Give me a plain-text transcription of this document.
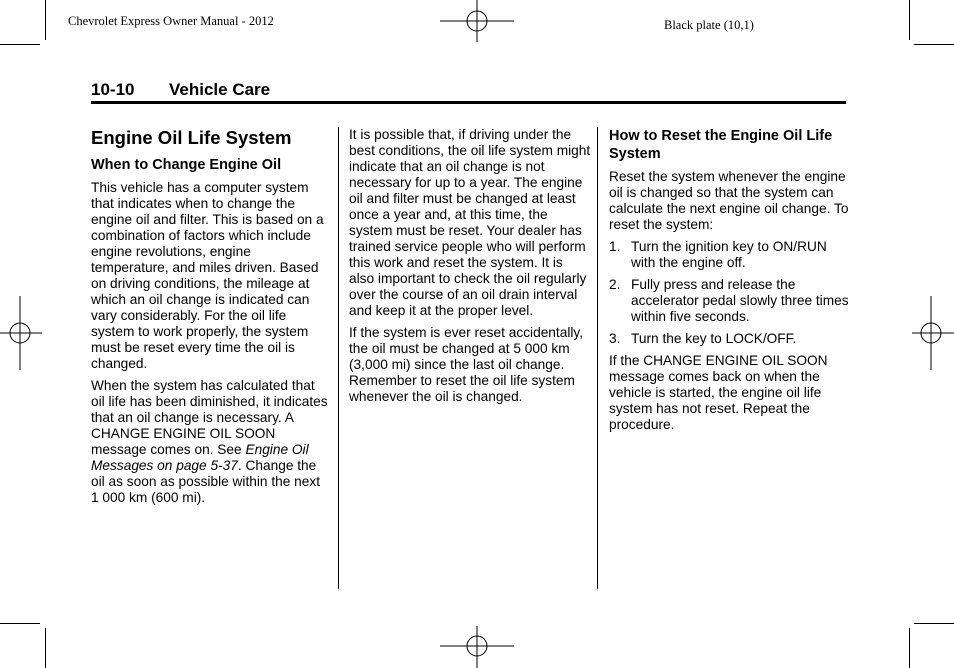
Chevrolet Express Owner Manual - 2012	Black plate (10,1)
10-10 Vehicle Care
Engine Oil Life System
When to Change Engine Oil

This vehicle has a computer system that indicates when to change the engine oil and filter. This is based on a combination of factors which include engine revolutions, engine temperature, and miles driven. Based on driving conditions, the mileage at which an oil change is indicated can vary considerably. For the oil life system to work properly, the system must be reset every time the oil is changed.

When the system has calculated that oil life has been diminished, it indicates that an oil change is necessary. A CHANGE ENGINE OIL SOON message comes on. See Engine Oil Messages on page 5-37. Change the oil as soon as possible within the next 1 000 km (600 mi).

It is possible that, if driving under the best conditions, the oil life system might indicate that an oil change is not necessary for up to a year. The engine oil and filter must be changed at least once a year and, at this time, the system must be reset. Your dealer has trained service people who will perform this work and reset the system. It is also important to check the oil regularly over the course of an oil drain interval and keep it at the proper level.

If the system is ever reset accidentally, the oil must be changed at 5 000 km (3,000 mi) since the last oil change. Remember to reset the oil life system whenever the oil is changed.

How to Reset the Engine Oil Life System

Reset the system whenever the engine oil is changed so that the system can calculate the next engine oil change. To reset the system:

1. Turn the ignition key to ON/RUN with the engine off.
2. Fully press and release the accelerator pedal slowly three times within five seconds.
3. Turn the key to LOCK/OFF.

If the CHANGE ENGINE OIL SOON message comes back on when the vehicle is started, the engine oil life system has not reset. Repeat the procedure.
